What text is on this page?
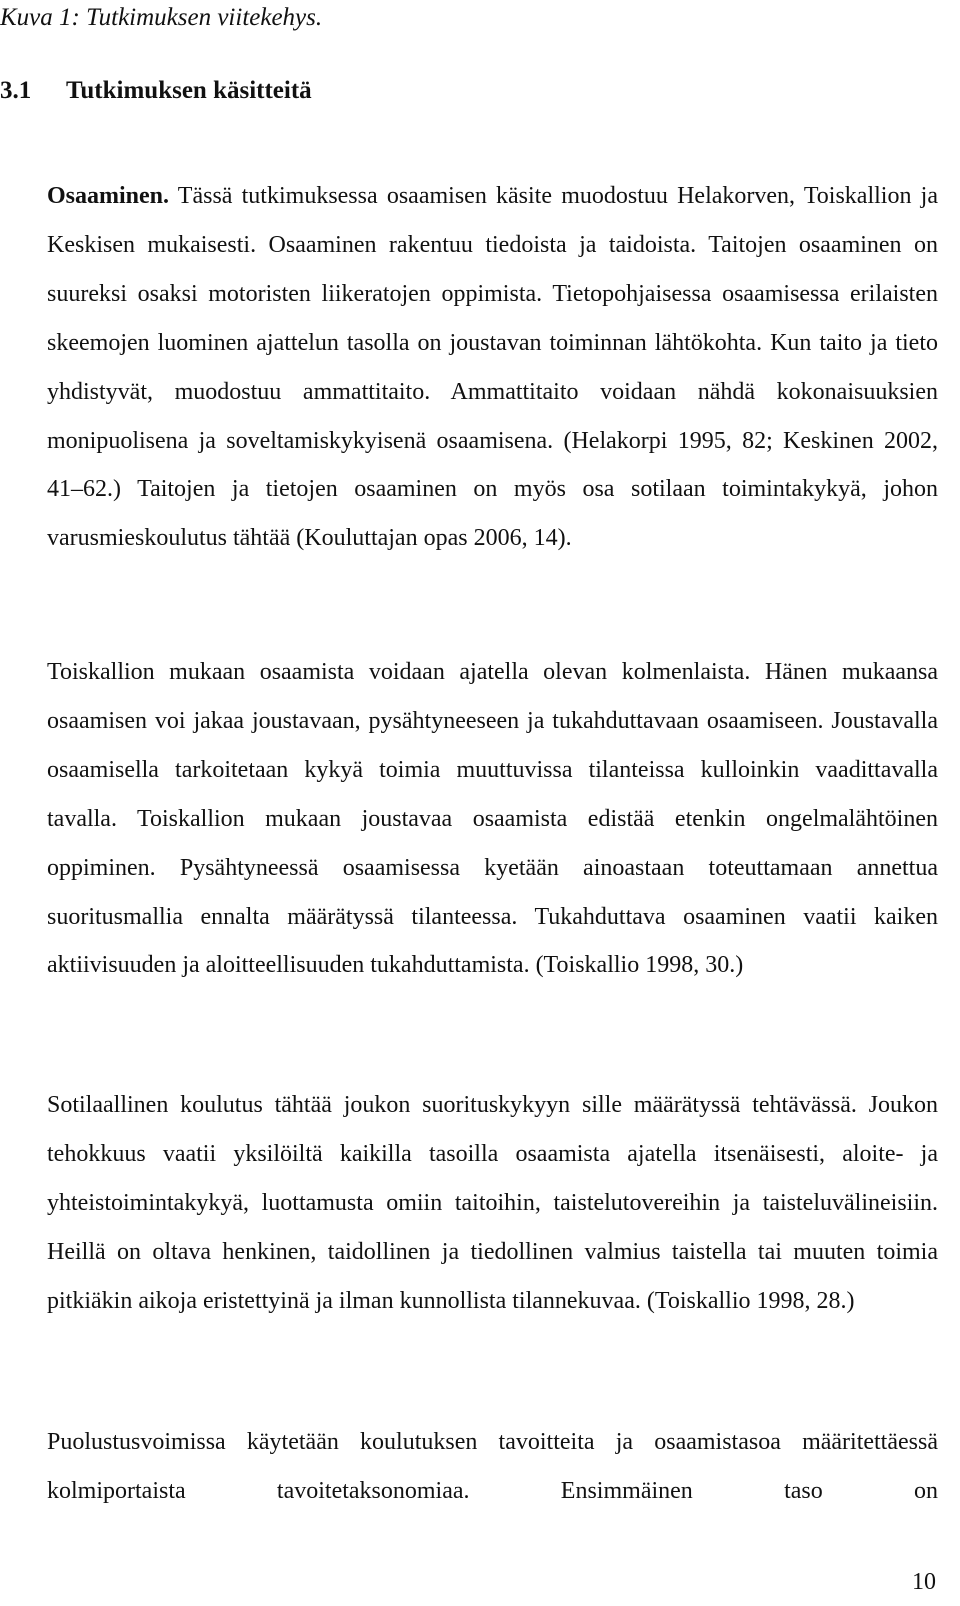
Kuva 1: Tutkimuksen viitekehys.
3.1 Tutkimuksen käsitteitä

Osaaminen. Tässä tutkimuksessa osaamisen käsite muodostuu Helakorven, Toiskallion ja Keskisen mukaisesti. Osaaminen rakentuu tiedoista ja taidoista. Taitojen osaaminen on suureksi osaksi motoristen liikeratojen oppimista. Tietopohjaisessa osaamisessa erilaisten skeemojen luominen ajattelun tasolla on joustavan toiminnan lähtökohta. Kun taito ja tieto yhdistyvät, muodostuu ammattitaito. Ammattitaito voidaan nähdä kokonaisuuksien monipuolisena ja soveltamiskykyisenä osaamisena. (Helakorpi 1995, 82; Keskinen 2002, 41–62.) Taitojen ja tietojen osaaminen on myös osa sotilaan toimintakykyä, johon varusmieskoulutus tähtää (Kouluttajan opas 2006, 14).

Toiskallion mukaan osaamista voidaan ajatella olevan kolmenlaista. Hänen mukaansa osaamisen voi jakaa joustavaan, pysähtyneeseen ja tukahduttavaan osaamiseen. Joustavalla osaamisella tarkoitetaan kykyä toimia muuttuvissa tilanteissa kulloinkin vaadittavalla tavalla. Toiskallion mukaan joustavaa osaamista edistää etenkin ongelmalähtöinen oppiminen. Pysähtyneessä osaamisessa kyetään ainoastaan toteuttamaan annettua suoritusmallia ennalta määrätyssä tilanteessa. Tukahduttava osaaminen vaatii kaiken aktiivisuuden ja aloitteellisuuden tukahduttamista. (Toiskallio 1998, 30.)

Sotilaallinen koulutus tähtää joukon suorituskykyyn sille määrätyssä tehtävässä. Joukon tehokkuus vaatii yksilöiltä kaikilla tasoilla osaamista ajatella itsenäisesti, aloite- ja yhteistoimintakykyä, luottamusta omiin taitoihin, taistelutovereihin ja taisteluvälineisiin. Heillä on oltava henkinen, taidollinen ja tiedollinen valmius taistella tai muuten toimia pitkiäkin aikoja eristettyinä ja ilman kunnollista tilannekuvaa. (Toiskallio 1998, 28.)

Puolustusvoimissa käytetään koulutuksen tavoitteita ja osaamistasoa määritettäessä kolmiportaista tavoitetaksonomiaa. Ensimmäinen taso on

10
